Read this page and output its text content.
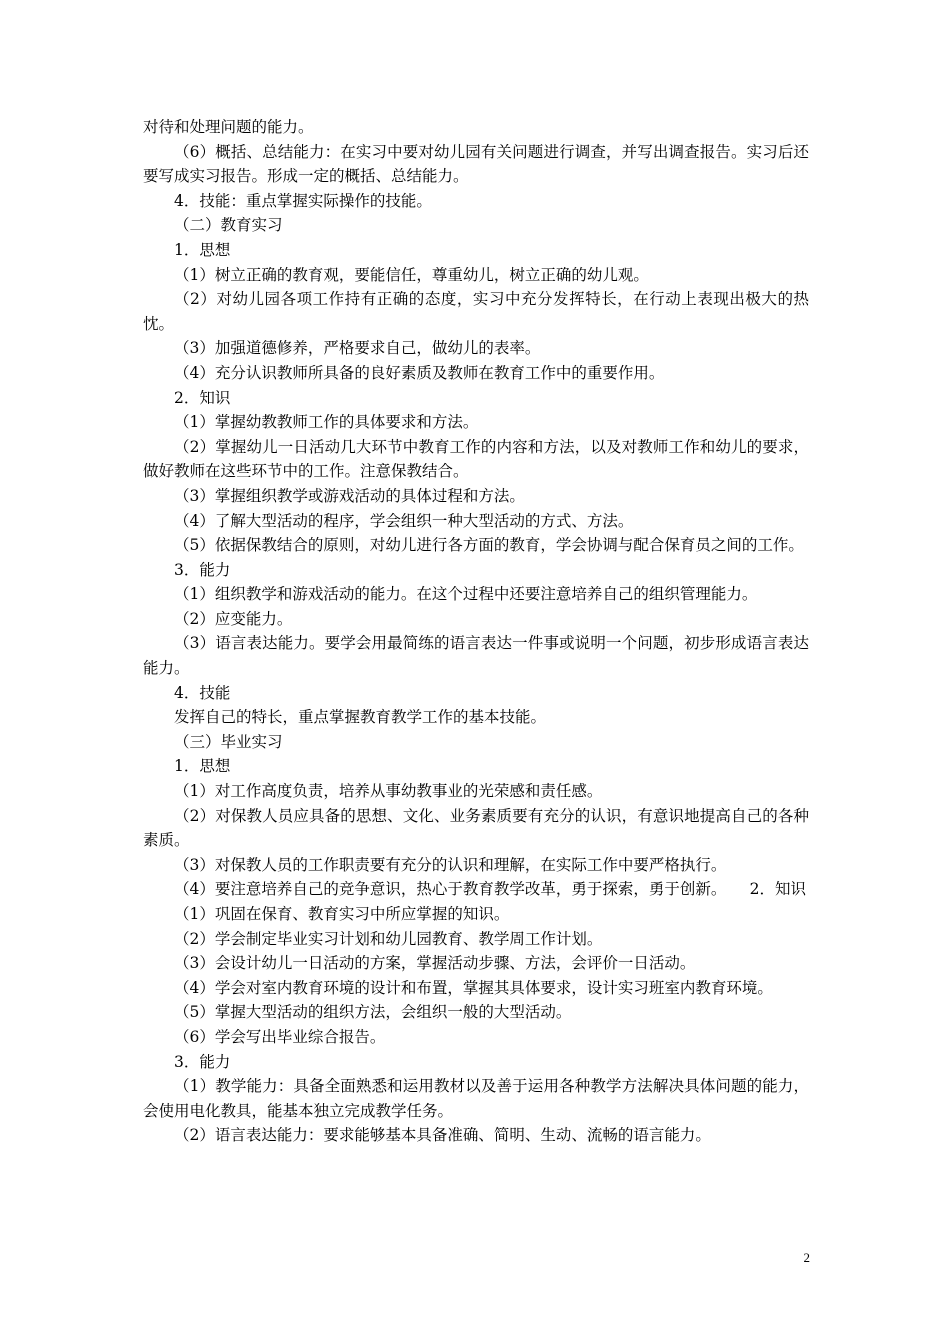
对待和处理问题的能力。

（6）概括、总结能力：在实习中要对幼儿园有关问题进行调查，并写出调查报告。实习后还要写成实习报告。形成一定的概括、总结能力。

4．技能：重点掌握实际操作的技能。

（二）教育实习

1．思想

（1）树立正确的教育观，要能信任，尊重幼儿，树立正确的幼儿观。

（2）对幼儿园各项工作持有正确的态度，实习中充分发挥特长，在行动上表现出极大的热忱。

（3）加强道德修养，严格要求自己，做幼儿的表率。

（4）充分认识教师所具备的良好素质及教师在教育工作中的重要作用。

2．知识

（1）掌握幼教教师工作的具体要求和方法。

（2）掌握幼儿一日活动几大环节中教育工作的内容和方法，以及对教师工作和幼儿的要求，做好教师在这些环节中的工作。注意保教结合。

（3）掌握组织教学或游戏活动的具体过程和方法。

（4）了解大型活动的程序，学会组织一种大型活动的方式、方法。

（5）依据保教结合的原则，对幼儿进行各方面的教育，学会协调与配合保育员之间的工作。

3．能力

（1）组织教学和游戏活动的能力。在这个过程中还要注意培养自己的组织管理能力。

（2）应变能力。

（3）语言表达能力。要学会用最简练的语言表达一件事或说明一个问题，初步形成语言表达能力。

4．技能

发挥自己的特长，重点掌握教育教学工作的基本技能。

（三）毕业实习

1．思想

（1）对工作高度负责，培养从事幼教事业的光荣感和责任感。

（2）对保教人员应具备的思想、文化、业务素质要有充分的认识，有意识地提高自己的各种素质。

（3）对保教人员的工作职责要有充分的认识和理解，在实际工作中要严格执行。

（4）要注意培养自己的竞争意识，热心于教育教学改革，勇于探索，勇于创新。　　2．知识

（1）巩固在保育、教育实习中所应掌握的知识。

（2）学会制定毕业实习计划和幼儿园教育、教学周工作计划。

（3）会设计幼儿一日活动的方案，掌握活动步骤、方法，会评价一日活动。

（4）学会对室内教育环境的设计和布置，掌握其具体要求，设计实习班室内教育环境。

（5）掌握大型活动的组织方法，会组织一般的大型活动。

（6）学会写出毕业综合报告。

3．能力

（1）教学能力：具备全面熟悉和运用教材以及善于运用各种教学方法解决具体问题的能力，会使用电化教具，能基本独立完成教学任务。

（2）语言表达能力：要求能够基本具备准确、简明、生动、流畅的语言能力。

2
